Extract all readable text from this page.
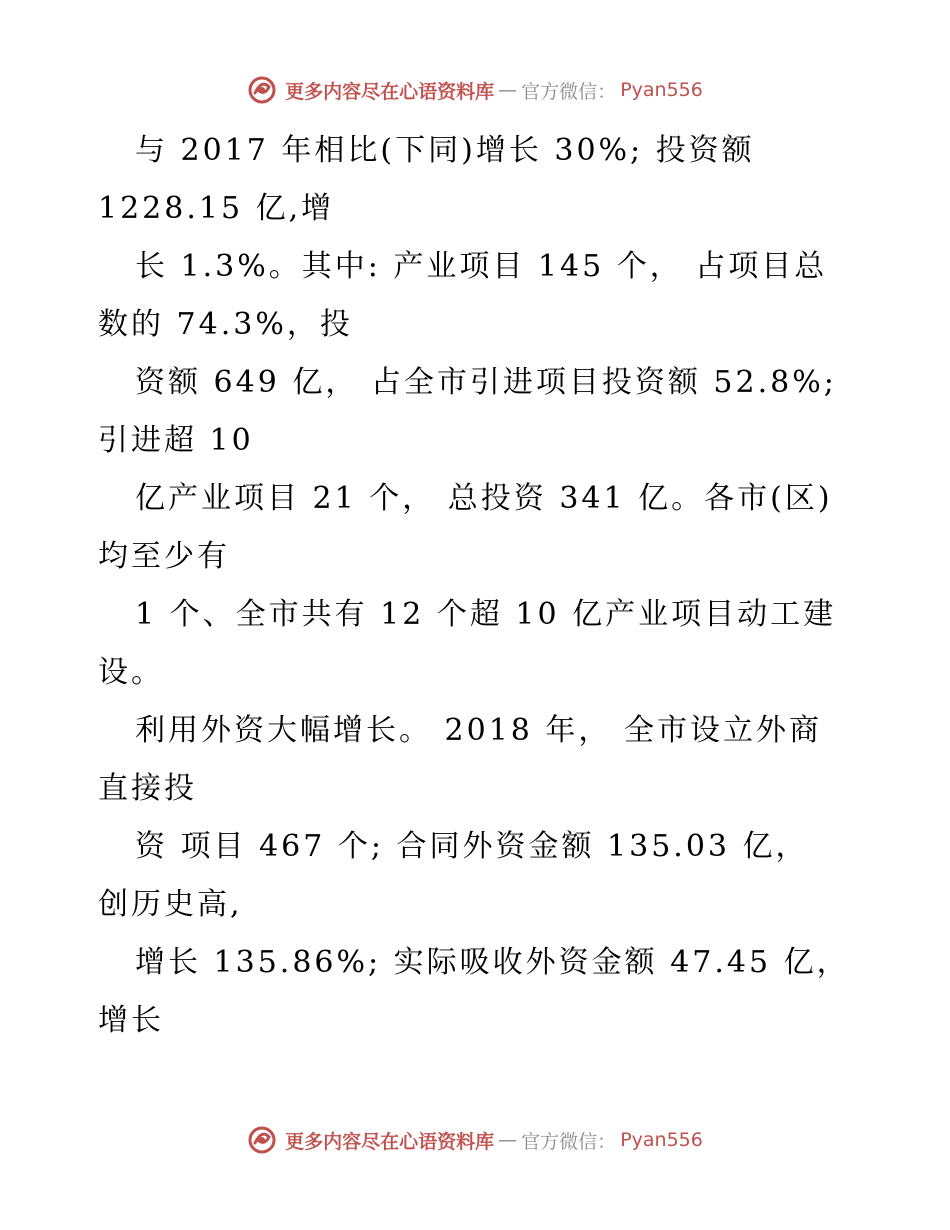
更多内容尽在心语资料库 — 官方微信： Pyan556
与 2017 年相比(下同)增长 30%; 投资额
1228.15 亿,增
长 1.3%。其中: 产业项目 145 个， 占项目总
数的 74.3%，投
资额 649 亿， 占全市引进项目投资额 52.8%;
引进超 10
亿产业项目 21 个， 总投资 341 亿。各市(区)
均至少有
1 个、全市共有 12 个超 10 亿产业项目动工建
设。
利用外资大幅增长。 2018 年， 全市设立外商
直接投
资 项目 467 个; 合同外资金额 135.03 亿，
创历史高,
增长 135.86%; 实际吸收外资金额 47.45 亿，
增长
更多内容尽在心语资料库 — 官方微信： Pyan556
